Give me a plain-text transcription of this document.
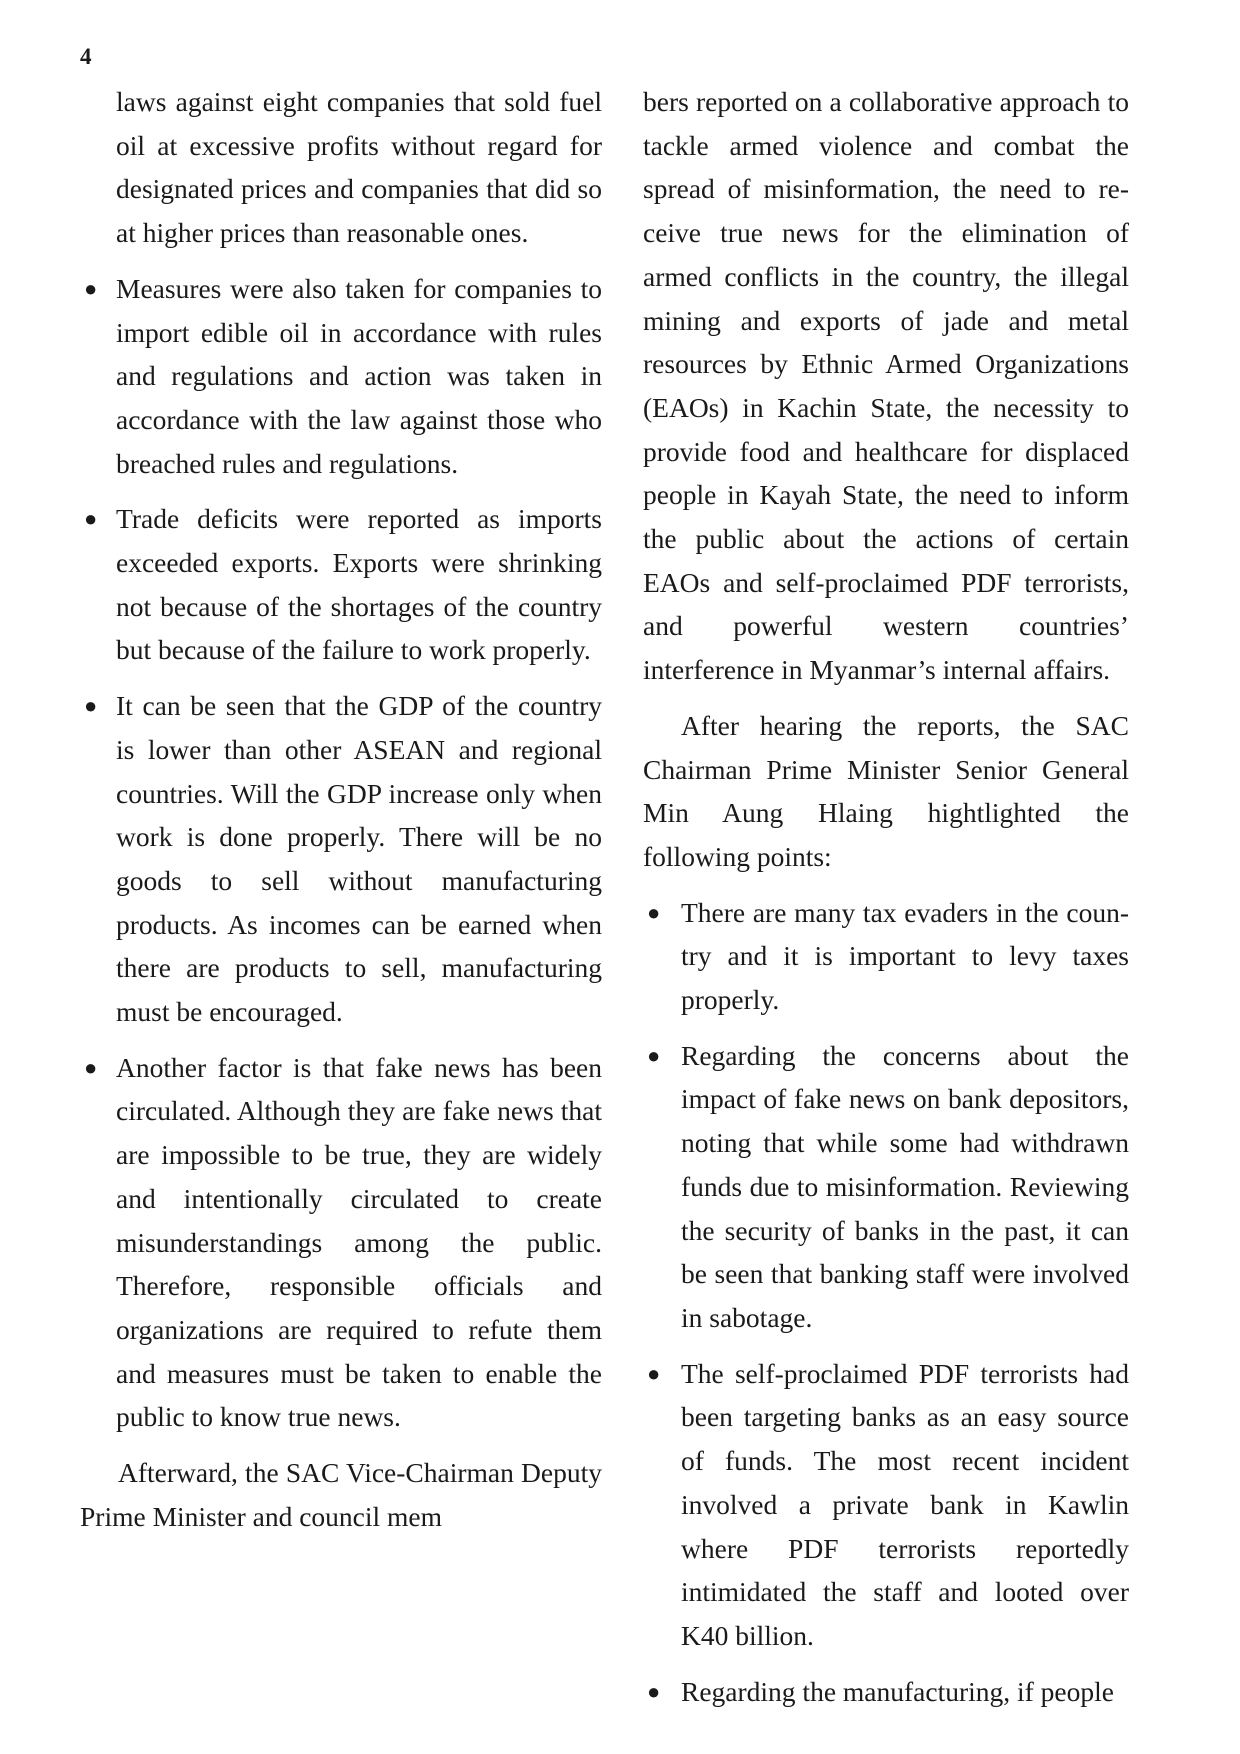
4

laws against eight companies that sold fuel oil at excessive profits without regard for designated prices and companies that did so at higher prices than reasonable ones.

● Measures were also taken for companies to import edible oil in accordance with rules and regulations and action was taken in accordance with the law against those who breached rules and regulations.
● Trade deficits were reported as imports exceeded exports. Exports were shrinking not because of the shortages of the country but because of the failure to work properly.
● It can be seen that the GDP of the country is lower than other ASEAN and regional countries. Will the GDP increase only when work is done properly. There will be no goods to sell without manufacturing products. As incomes can be earned when there are products to sell, manufacturing must be encouraged.
● Another factor is that fake news has been circulated. Although they are fake news that are impossible to be true, they are widely and intentionally circulated to create misunderstandings among the public. Therefore, responsible officials and organizations are required to refute them and measures must be taken to enable the public to know true news.

Afterward, the SAC Vice-Chairman Deputy Prime Minister and council mem

bers reported on a collaborative approach to tackle armed violence and combat the spread of misinformation, the need to receive true news for the elimination of armed conflicts in the country, the illegal mining and exports of jade and metal resources by Ethnic Armed Organizations (EAOs) in Kachin State, the necessity to provide food and healthcare for displaced people in Kayah State, the need to inform the public about the actions of certain EAOs and self-proclaimed PDF terrorists, and powerful western countries’ interference in Myanmar’s internal affairs.

After hearing the reports, the SAC Chairman Prime Minister Senior General Min Aung Hlaing hightlighted the following points:

● There are many tax evaders in the country and it is important to levy taxes properly.
● Regarding the concerns about the impact of fake news on bank depositors, noting that while some had withdrawn funds due to misinformation. Reviewing the security of banks in the past, it can be seen that banking staff were involved in sabotage.
● The self-proclaimed PDF terrorists had been targeting banks as an easy source of funds. The most recent incident involved a private bank in Kawlin where PDF terrorists reportedly intimidated the staff and looted over K40 billion.
● Regarding the manufacturing, if people
